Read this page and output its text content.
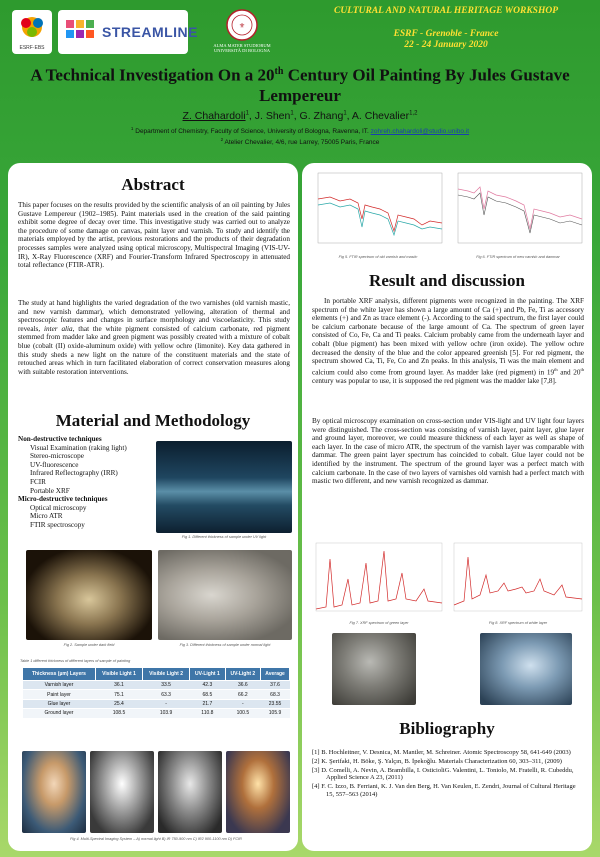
ESRF·EBS
STREAMLINE	⚜
ALMA MATER STUDIORUM
UNIVERSITÀ DI BOLOGNA
CULTURAL AND NATURAL HERITAGE WORKSHOP
ESRF - Grenoble - France
22 - 24 January 2020
A Technical Investigation On a 20th Century Oil Painting By Jules Gustave Lempereur
Z. Chahardoli$^1$, J. Shen$^1$, G. Zhang$^1$, A. Chevalier$^{1,2}$
$^1$ Department of Chemistry, Faculty of Science, University of Bologna, Ravenna, IT. zohreh.chahardoli@studio.unibo.it
$^2$ Atelier Chevalier, 4/6, rue Larrey, 75005 Paris, France
Abstract

This paper focuses on the results provided by the scientific analysis of an oil painting by Jules Gustave Lempereur (1902–1985). Paint materials used in the creation of the said painting exhibit some degree of decay over time. This investigative study was carried out to analyze the procedure of some damage on canvas, paint layer and varnish. To study and identify the materials employed by the artist, previous restorations and the products of their degradation processes samples were analyzed using optical microscopy, Multispectral Imaging (VIS-UV-IR), X-Ray Fluorescence (XRF) and Fourier-Transform Infrared Spectroscopy in attenuated total reflectance (FTIR-ATR).

The study at hand highlights the varied degradation of the two varnishes (old varnish mastic, and new varnish dammar), which demonstrated yellowing, alteration of thermal and spectroscopic features and changes in surface morphology and viscoelasticity. This study reveals, inter alia, that the white pigment consisted of calcium carbonate, red pigment stemmed from madder lake and green pigment was possibly created with a mixture of cobalt blue (cobalt (II) oxide-aluminum oxide) with yellow ochre (limonite). Key data gathered in this study sheds a new light on the nature of the constituent materials and the state of retouched areas which in turn facilitated elaboration of correct conservation measures along with suitable restoration interventions.

Material and Methodology
Non-destructive techniques
Visual Examination (raking light)
Stereo-microscope
UV-fluorescence
Infrared Reflectography (IRR)
FCIR
Portable XRF
Micro-destructive techniques
Optical microscopy
Micro ATR
FTIR spectroscopy
Fig 1. Different thickness of sample under UV light
Fig 2. Sample under dark field	Fig 3. Different thickness of sample under normal light
Table 1 different thickness of different layers of sample of painting
Thickness (µm) Layers	Visible Light 1	Visible Light 2	UV-Light 1	UV-Light 2	Average
Varnish layer	36.1	33.5	42.3	36.6	37.6
Paint layer	75.1	63.3	68.5	66.2	68.3
Glue layer	25.4	-	21.7	-	23.55
Ground layer	108.5	103.9	110.8	100.5	105.9
Fig 4. Multi-Spectral Imaging System – A) normal light B) IR 750-900 nm C) IR2 900-1100 nm D) FCIR
Fig 5. FTIR spectrum of old varnish and mastic	Fig 6. FTIR spectrum of new varnish and dammar
Result and discussion

In portable XRF analysis, different pigments were recognized in the painting. The XRF spectrum of the white layer has shown a large amount of Ca (+) and Pb, Fe, Ti as accessory elements (+) and Zn as trace element (-). According to the said spectrum, the first layer could be calcium carbonate because of the large amount of Ca. The spectrum of green layer consisted of Co, Fe, Ca and Ti peaks. Calcium probably came from the underneath layer and cobalt (blue pigment) has been mixed with yellow ochre (iron oxide). The yellow ochre decreased the density of the blue and the color appeared greenish [5]. For red pigment, the spectrum showed Ca, Ti, Fe, Co and Zn peaks. In this analysis, Ti was the main element and calcium could also come from ground layer. As madder lake (red pigment) in 19th and 20th century was popular to use, it is supposed the red pigment was the madder lake [7,8].

By optical microscopy examination on cross-section under VIS-light and UV light four layers were distinguished. The cross-section was consisting of varnish layer, paint layer, glue layer and ground layer, moreover, we could measure thickness of each layer as well as shape of each layer. In the case of micro ATR, the spectrum of the varnish layer was comparable with dammar. The green paint layer spectrum has coincided to cobalt. Glue layer could not be identified by the instrument. The spectrum of the ground layer was a perfect match with calcium carbonate. In the case of two layers of varnishes old varnish had a perfect match with mastic two different, and new varnish recognized as dammar.

Fig 7. XRF spectrum of green layer	Fig 8. XRF spectrum of white layer
Bibliography
[1] B. Hochleitner, V. Desnica, M. Mantler, M. Schreiner. Atomic Spectroscopy 58, 641-649 (2003)
[2] K. Şerifaki, H. Böke, Ş. Yalçın, B. İpekoğlu. Materials Characterization 60, 303–311, (2009)
[3] D. Comelli, A. Nevin, A. Brambilla, I. OsticioliG. Valentini, L. Toniolo, M. Fratelli, R. Cubeddu, Applied Science A 23, (2011)
[4] F. C. Izzo, B. Ferriani, K. J. Van den Berg, H. Van Keulen, E. Zendri, Journal of Cultural Heritage 15, 557–563 (2014)
